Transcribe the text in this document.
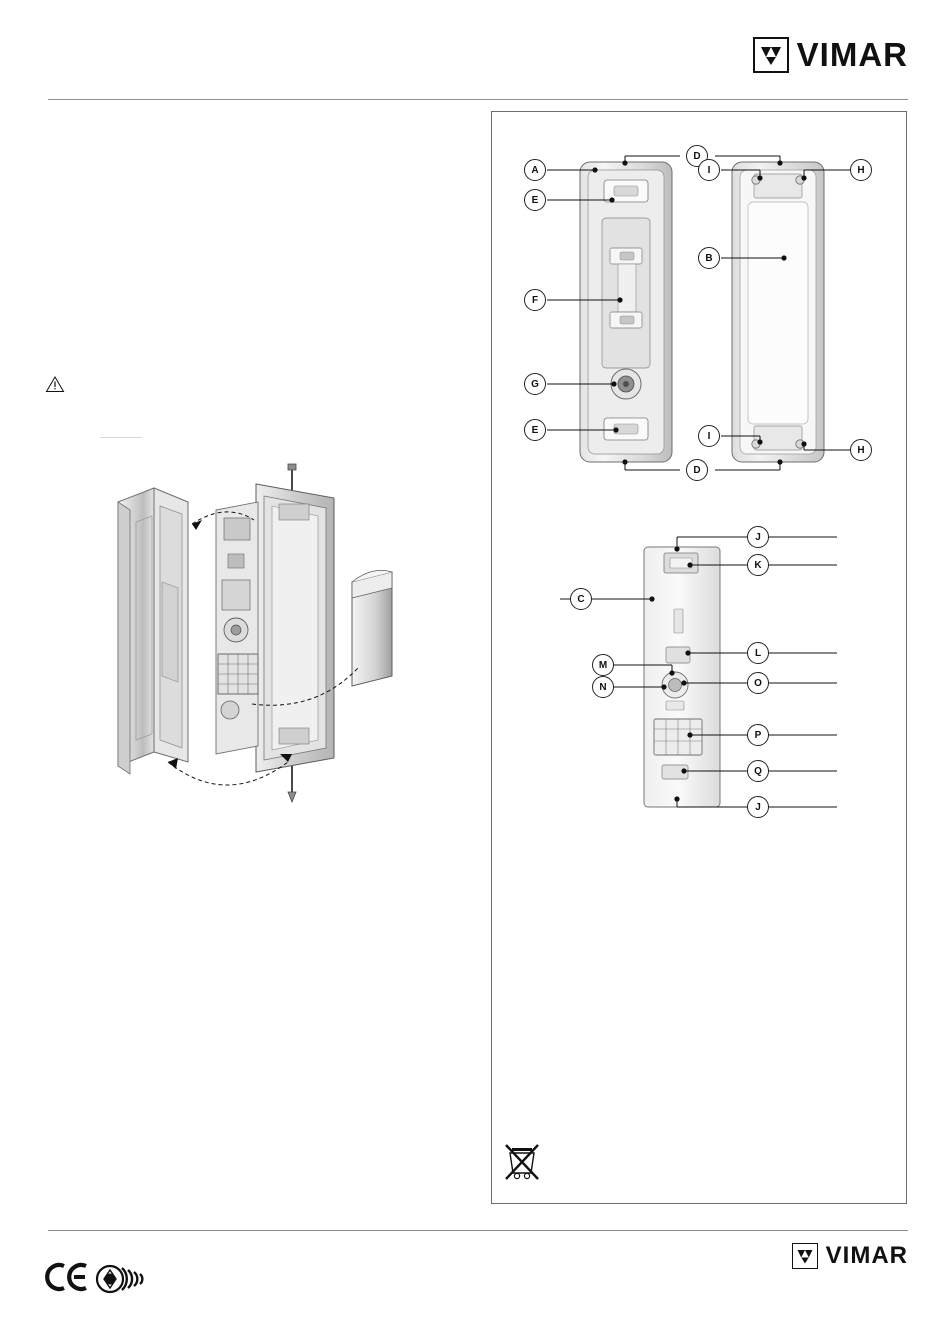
VIMAR
A
E
F
G
E
D
D
I
I
B
H
H
J
K
C
L
M
N	O
P
Q
J
VIMAR
